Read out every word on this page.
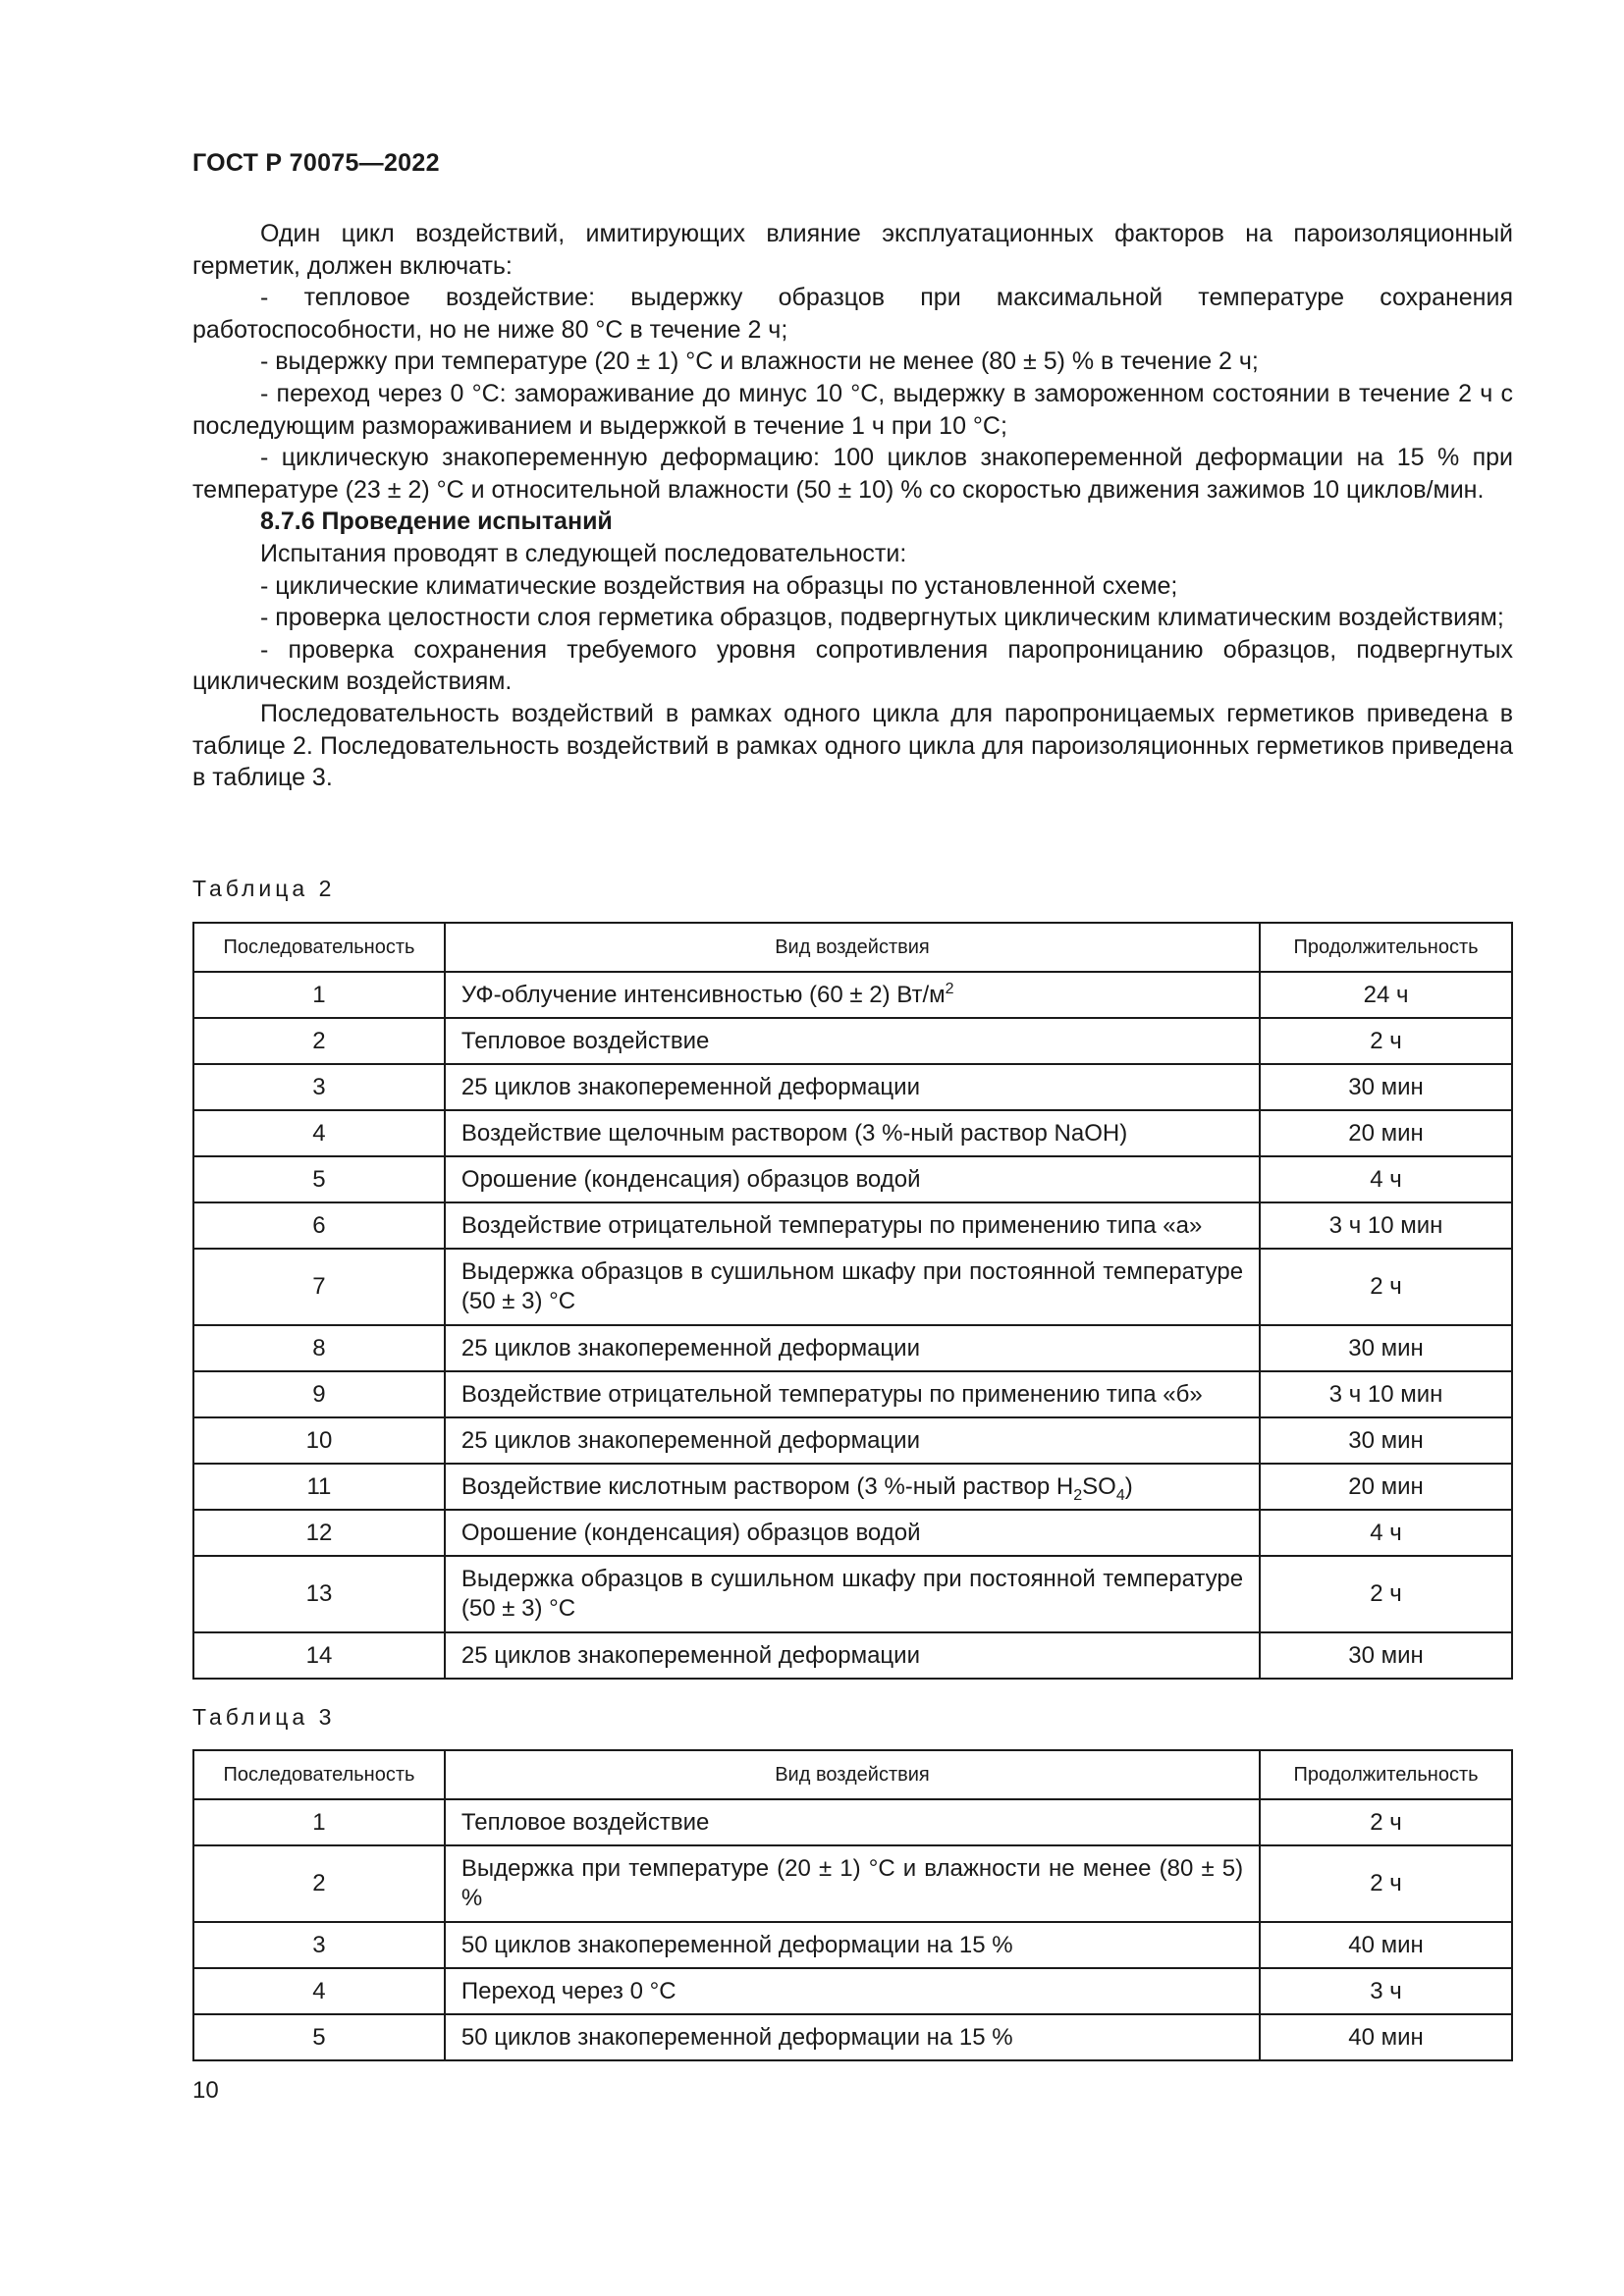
ГОСТ Р 70075—2022

Один цикл воздействий, имитирующих влияние эксплуатационных факторов на пароизоляционный герметик, должен включать:

- тепловое воздействие: выдержку образцов при максимальной температуре сохранения работоспособности, но не ниже 80 °С в течение 2 ч;

- выдержку при температуре (20 ± 1) °С и влажности не менее (80 ± 5) % в течение 2 ч;

- переход через 0 °С: замораживание до минус 10 °С, выдержку в замороженном состоянии в течение 2 ч с последующим размораживанием и выдержкой в течение 1 ч при 10 °С;

- циклическую знакопеременную деформацию: 100 циклов знакопеременной деформации на 15 % при температуре (23 ± 2) °С и относительной влажности (50 ± 10) % со скоростью движения зажимов 10 циклов/мин.

8.7.6 Проведение испытаний

Испытания проводят в следующей последовательности:

- циклические климатические воздействия на образцы по установленной схеме;

- проверка целостности слоя герметика образцов, подвергнутых циклическим климатическим воздействиям;

- проверка сохранения требуемого уровня сопротивления паропроницанию образцов, подвергнутых циклическим воздействиям.

Последовательность воздействий в рамках одного цикла для паропроницаемых герметиков приведена в таблице 2. Последовательность воздействий в рамках одного цикла для пароизоляционных герметиков приведена в таблице 3.

Таблица 2
Последовательность	Вид воздействия	Продолжительность
1	УФ-облучение интенсивностью (60 ± 2) $Вт/м^2$	24 ч
2	Тепловое воздействие	2 ч
3	25 циклов знакопеременной деформации	30 мин
4	Воздействие щелочным раствором (3 %-ный раствор NaOH)	20 мин
5	Орошение (конденсация) образцов водой	4 ч
6	Воздействие отрицательной температуры по применению типа «а»	3 ч 10 мин
7	Выдержка образцов в сушильном шкафу при постоянной температуре (50 ± 3) °С	2 ч
8	25 циклов знакопеременной деформации	30 мин
9	Воздействие отрицательной температуры по применению типа «б»	3 ч 10 мин
10	25 циклов знакопеременной деформации	30 мин
11	Воздействие кислотным раствором (3 %-ный раствор $H_2SO_4$)	20 мин
12	Орошение (конденсация) образцов водой	4 ч
13	Выдержка образцов в сушильном шкафу при постоянной температуре (50 ± 3) °С	2 ч
14	25 циклов знакопеременной деформации	30 мин
Таблица 3
Последовательность	Вид воздействия	Продолжительность
1	Тепловое воздействие	2 ч
2	Выдержка при температуре (20 ± 1) °С и влажности не менее (80 ± 5) %	2 ч
3	50 циклов знакопеременной деформации на 15 %	40 мин
4	Переход через 0 °С	3 ч
5	50 циклов знакопеременной деформации на 15 %	40 мин
10
